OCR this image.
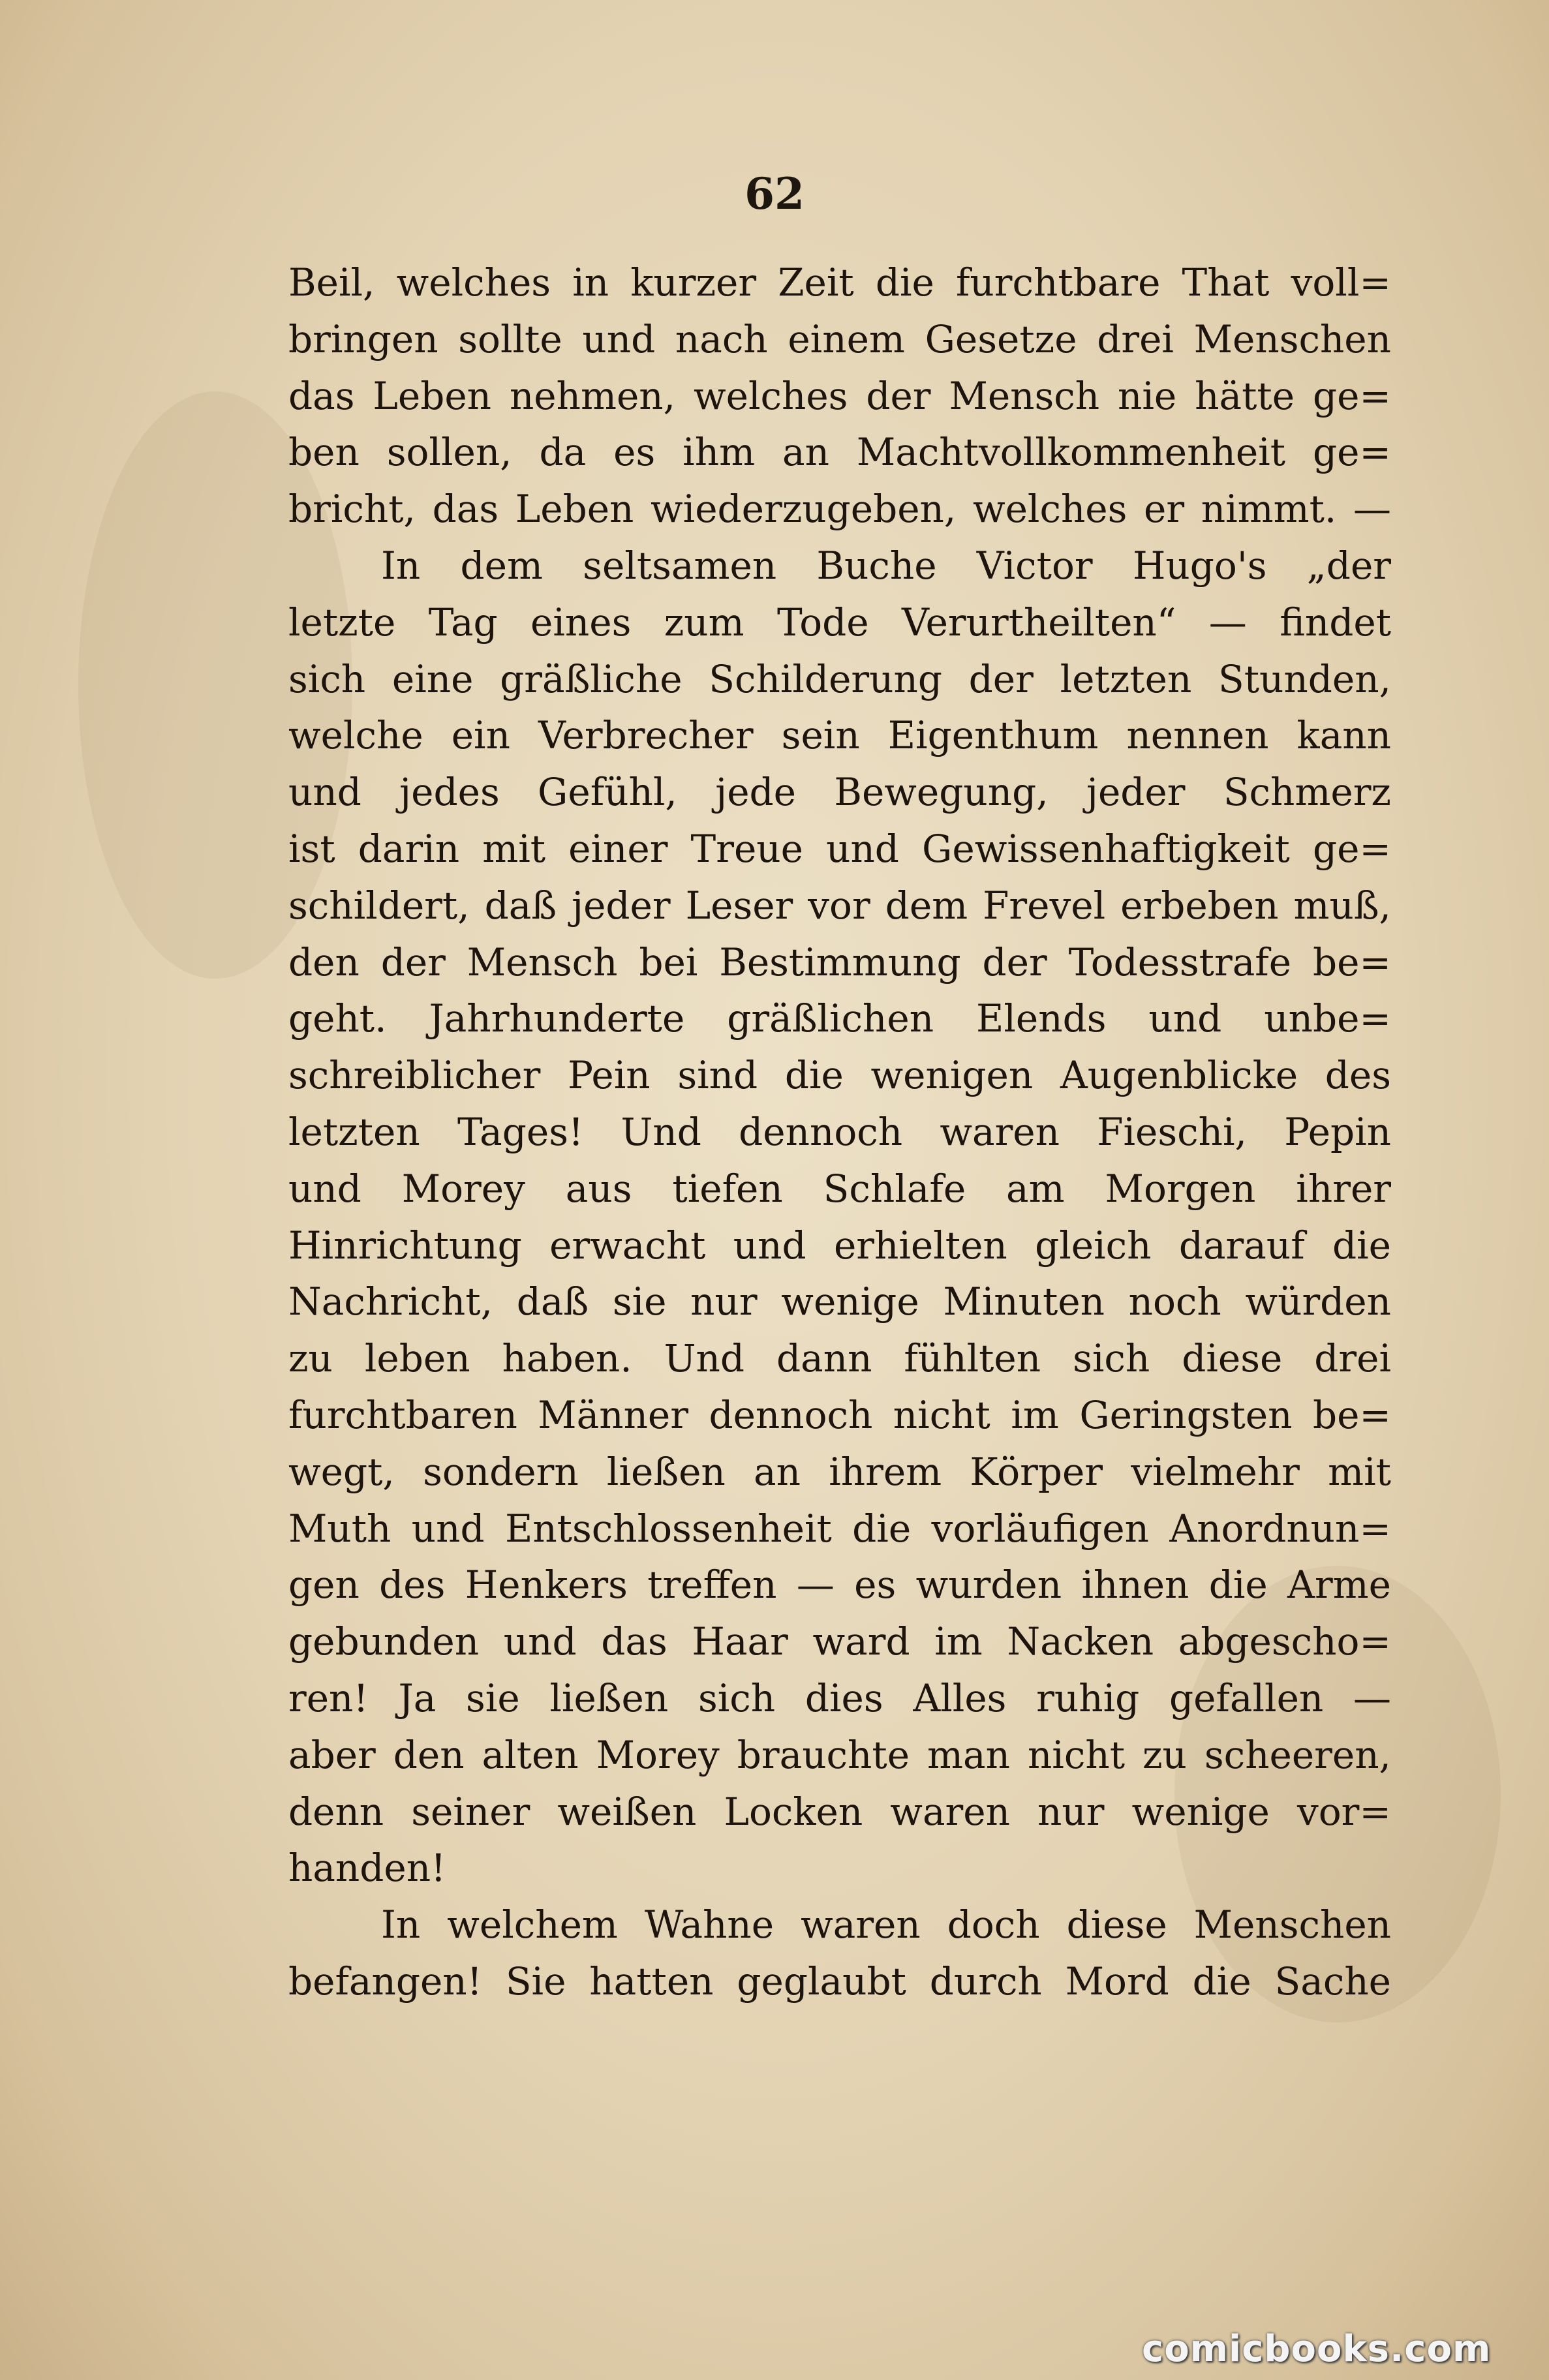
62
Beil, welches in kurzer Zeit die furchtbare That voll=
bringen sollte und nach einem Gesetze drei Menschen
das Leben nehmen, welches der Mensch nie hätte ge=
ben sollen, da es ihm an Machtvollkommenheit ge=
bricht, das Leben wiederzugeben, welches er nimmt. —
In dem seltsamen Buche Victor Hugo's „der
letzte Tag eines zum Tode Verurtheilten“ — findet
sich eine gräßliche Schilderung der letzten Stunden,
welche ein Verbrecher sein Eigenthum nennen kann
und jedes Gefühl, jede Bewegung, jeder Schmerz
ist darin mit einer Treue und Gewissenhaftigkeit ge=
schildert, daß jeder Leser vor dem Frevel erbeben muß,
den der Mensch bei Bestimmung der Todesstrafe be=
geht. Jahrhunderte gräßlichen Elends und unbe=
schreiblicher Pein sind die wenigen Augenblicke des
letzten Tages! Und dennoch waren Fieschi, Pepin
und Morey aus tiefen Schlafe am Morgen ihrer
Hinrichtung erwacht und erhielten gleich darauf die
Nachricht, daß sie nur wenige Minuten noch würden
zu leben haben. Und dann fühlten sich diese drei
furchtbaren Männer dennoch nicht im Geringsten be=
wegt, sondern ließen an ihrem Körper vielmehr mit
Muth und Entschlossenheit die vorläufigen Anordnun=
gen des Henkers treffen — es wurden ihnen die Arme
gebunden und das Haar ward im Nacken abgescho=
ren! Ja sie ließen sich dies Alles ruhig gefallen —
aber den alten Morey brauchte man nicht zu scheeren,
denn seiner weißen Locken waren nur wenige vor=
handen!
In welchem Wahne waren doch diese Menschen
befangen! Sie hatten geglaubt durch Mord die Sache
comicbooks.com
